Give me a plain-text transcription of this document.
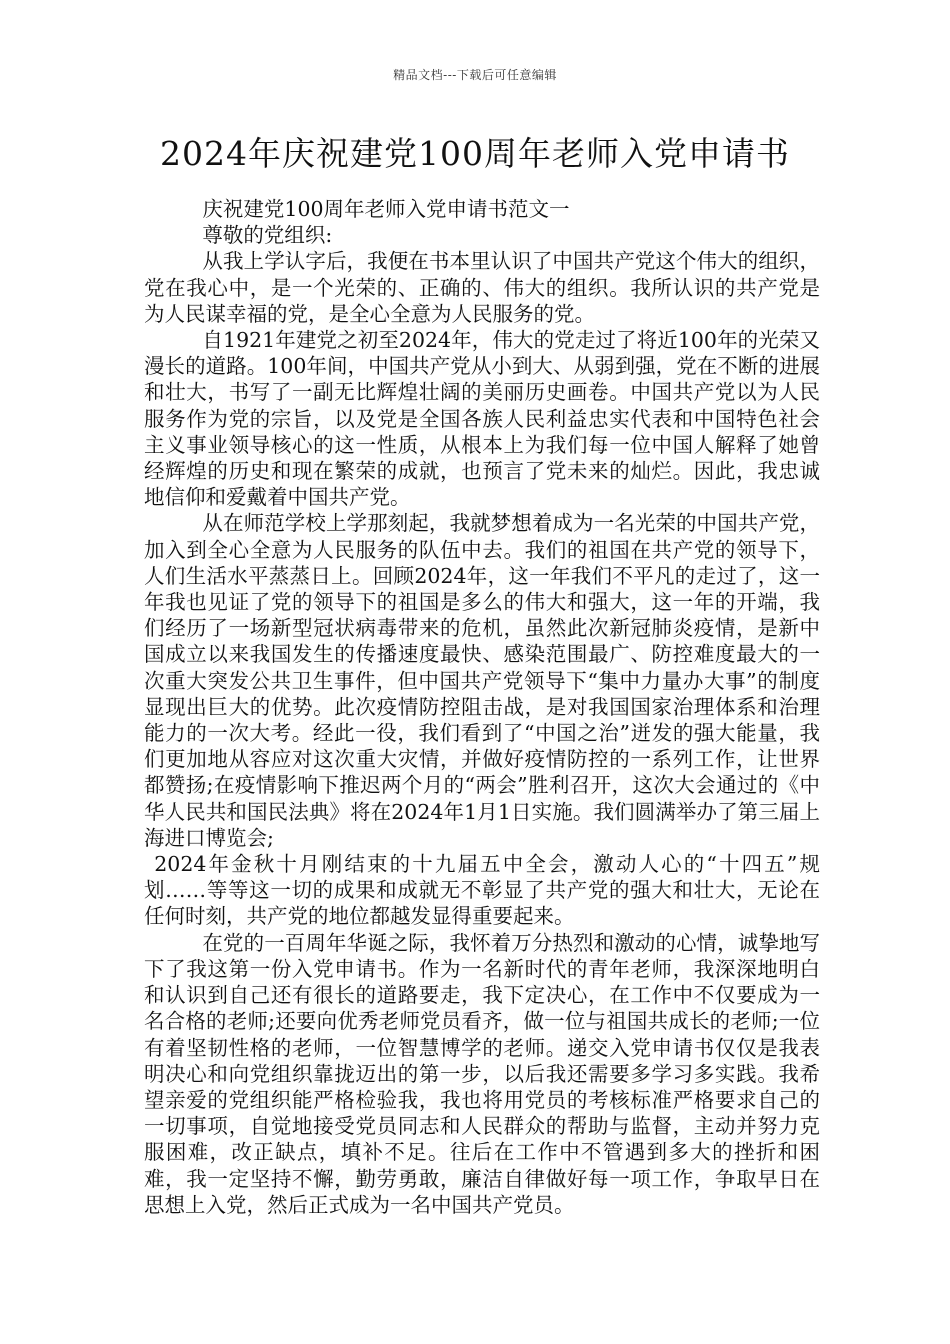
精品文档---下载后可任意编辑
2024年庆祝建党100周年老师入党申请书

庆祝建党100周年老师入党申请书范文一

尊敬的党组织:

从我上学认字后，我便在书本里认识了中国共产党这个伟大的组织，党在我心中，是一个光荣的、正确的、伟大的组织。我所认识的共产党是为人民谋幸福的党，是全心全意为人民服务的党。

自1921年建党之初至2024年，伟大的党走过了将近100年的光荣又漫长的道路。100年间，中国共产党从小到大、从弱到强，党在不断的进展和壮大，书写了一副无比辉煌壮阔的美丽历史画卷。中国共产党以为人民服务作为党的宗旨，以及党是全国各族人民利益忠实代表和中国特色社会主义事业领导核心的这一性质，从根本上为我们每一位中国人解释了她曾经辉煌的历史和现在繁荣的成就，也预言了党未来的灿烂。因此，我忠诚地信仰和爱戴着中国共产党。

从在师范学校上学那刻起，我就梦想着成为一名光荣的中国共产党，加入到全心全意为人民服务的队伍中去。我们的祖国在共产党的领导下，人们生活水平蒸蒸日上。回顾2024年，这一年我们不平凡的走过了，这一年我也见证了党的领导下的祖国是多么的伟大和强大，这一年的开端，我们经历了一场新型冠状病毒带来的危机，虽然此次新冠肺炎疫情，是新中国成立以来我国发生的传播速度最快、感染范围最广、防控难度最大的一次重大突发公共卫生事件，但中国共产党领导下“集中力量办大事”的制度显现出巨大的优势。此次疫情防控阻击战，是对我国国家治理体系和治理能力的一次大考。经此一役，我们看到了“中国之治”迸发的强大能量，我们更加地从容应对这次重大灾情，并做好疫情防控的一系列工作，让世界都赞扬;在疫情影响下推迟两个月的“两会”胜利召开，这次大会通过的《中华人民共和国民法典》将在2024年1月1日实施。我们圆满举办了第三届上海进口博览会;

2024年金秋十月刚结束的十九届五中全会，激动人心的“十四五”规划……等等这一切的成果和成就无不彰显了共产党的强大和壮大，无论在任何时刻，共产党的地位都越发显得重要起来。

在党的一百周年华诞之际，我怀着万分热烈和激动的心情，诚挚地写下了我这第一份入党申请书。作为一名新时代的青年老师，我深深地明白和认识到自己还有很长的道路要走，我下定决心，在工作中不仅要成为一名合格的老师;还要向优秀老师党员看齐，做一位与祖国共成长的老师;一位有着坚韧性格的老师，一位智慧博学的老师。递交入党申请书仅仅是我表明决心和向党组织靠拢迈出的第一步，以后我还需要多学习多实践。我希望亲爱的党组织能严格检验我，我也将用党员的考核标准严格要求自己的一切事项，自觉地接受党员同志和人民群众的帮助与监督，主动并努力克服困难，改正缺点，填补不足。往后在工作中不管遇到多大的挫折和困难，我一定坚持不懈，勤劳勇敢，廉洁自律做好每一项工作，争取早日在思想上入党，然后正式成为一名中国共产党员。
